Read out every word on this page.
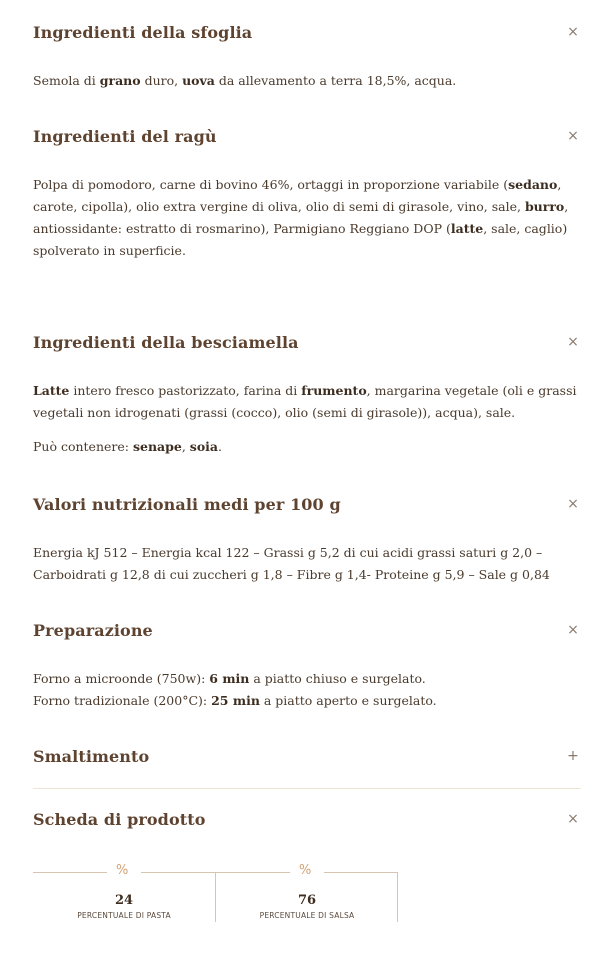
Ingredienti della sfoglia	×
Semola di grano duro, uova da allevamento a terra 18,5%, acqua.
Ingredienti del ragù	×
Polpa di pomodoro, carne di bovino 46%, ortaggi in proporzione variabile (sedano, carote, cipolla), olio extra vergine di oliva, olio di semi di girasole, vino, sale, burro, antiossidante: estratto di rosmarino), Parmigiano Reggiano DOP (latte, sale, caglio) spolverato in superficie.
Ingredienti della besciamella	×
Latte intero fresco pastorizzato, farina di frumento, margarina vegetale (oli e grassi vegetali non idrogenati (grassi (cocco), olio (semi di girasole)), acqua), sale.
Può contenere: senape, soia.
Valori nutrizionali medi per 100 g	×
Energia kJ 512 – Energia kcal 122 – Grassi g 5,2 di cui acidi grassi saturi g 2,0 – Carboidrati g 12,8 di cui zuccheri g 1,8 – Fibre g 1,4- Proteine g 5,9 – Sale g 0,84
Preparazione	×
Forno a microonde (750w): 6 min a piatto chiuso e surgelato.
Forno tradizionale (200°C): 25 min a piatto aperto e surgelato.
Smaltimento	+
Scheda di prodotto	×
%
24
PERCENTUALE DI PASTA
%
76
PERCENTUALE DI SALSA
